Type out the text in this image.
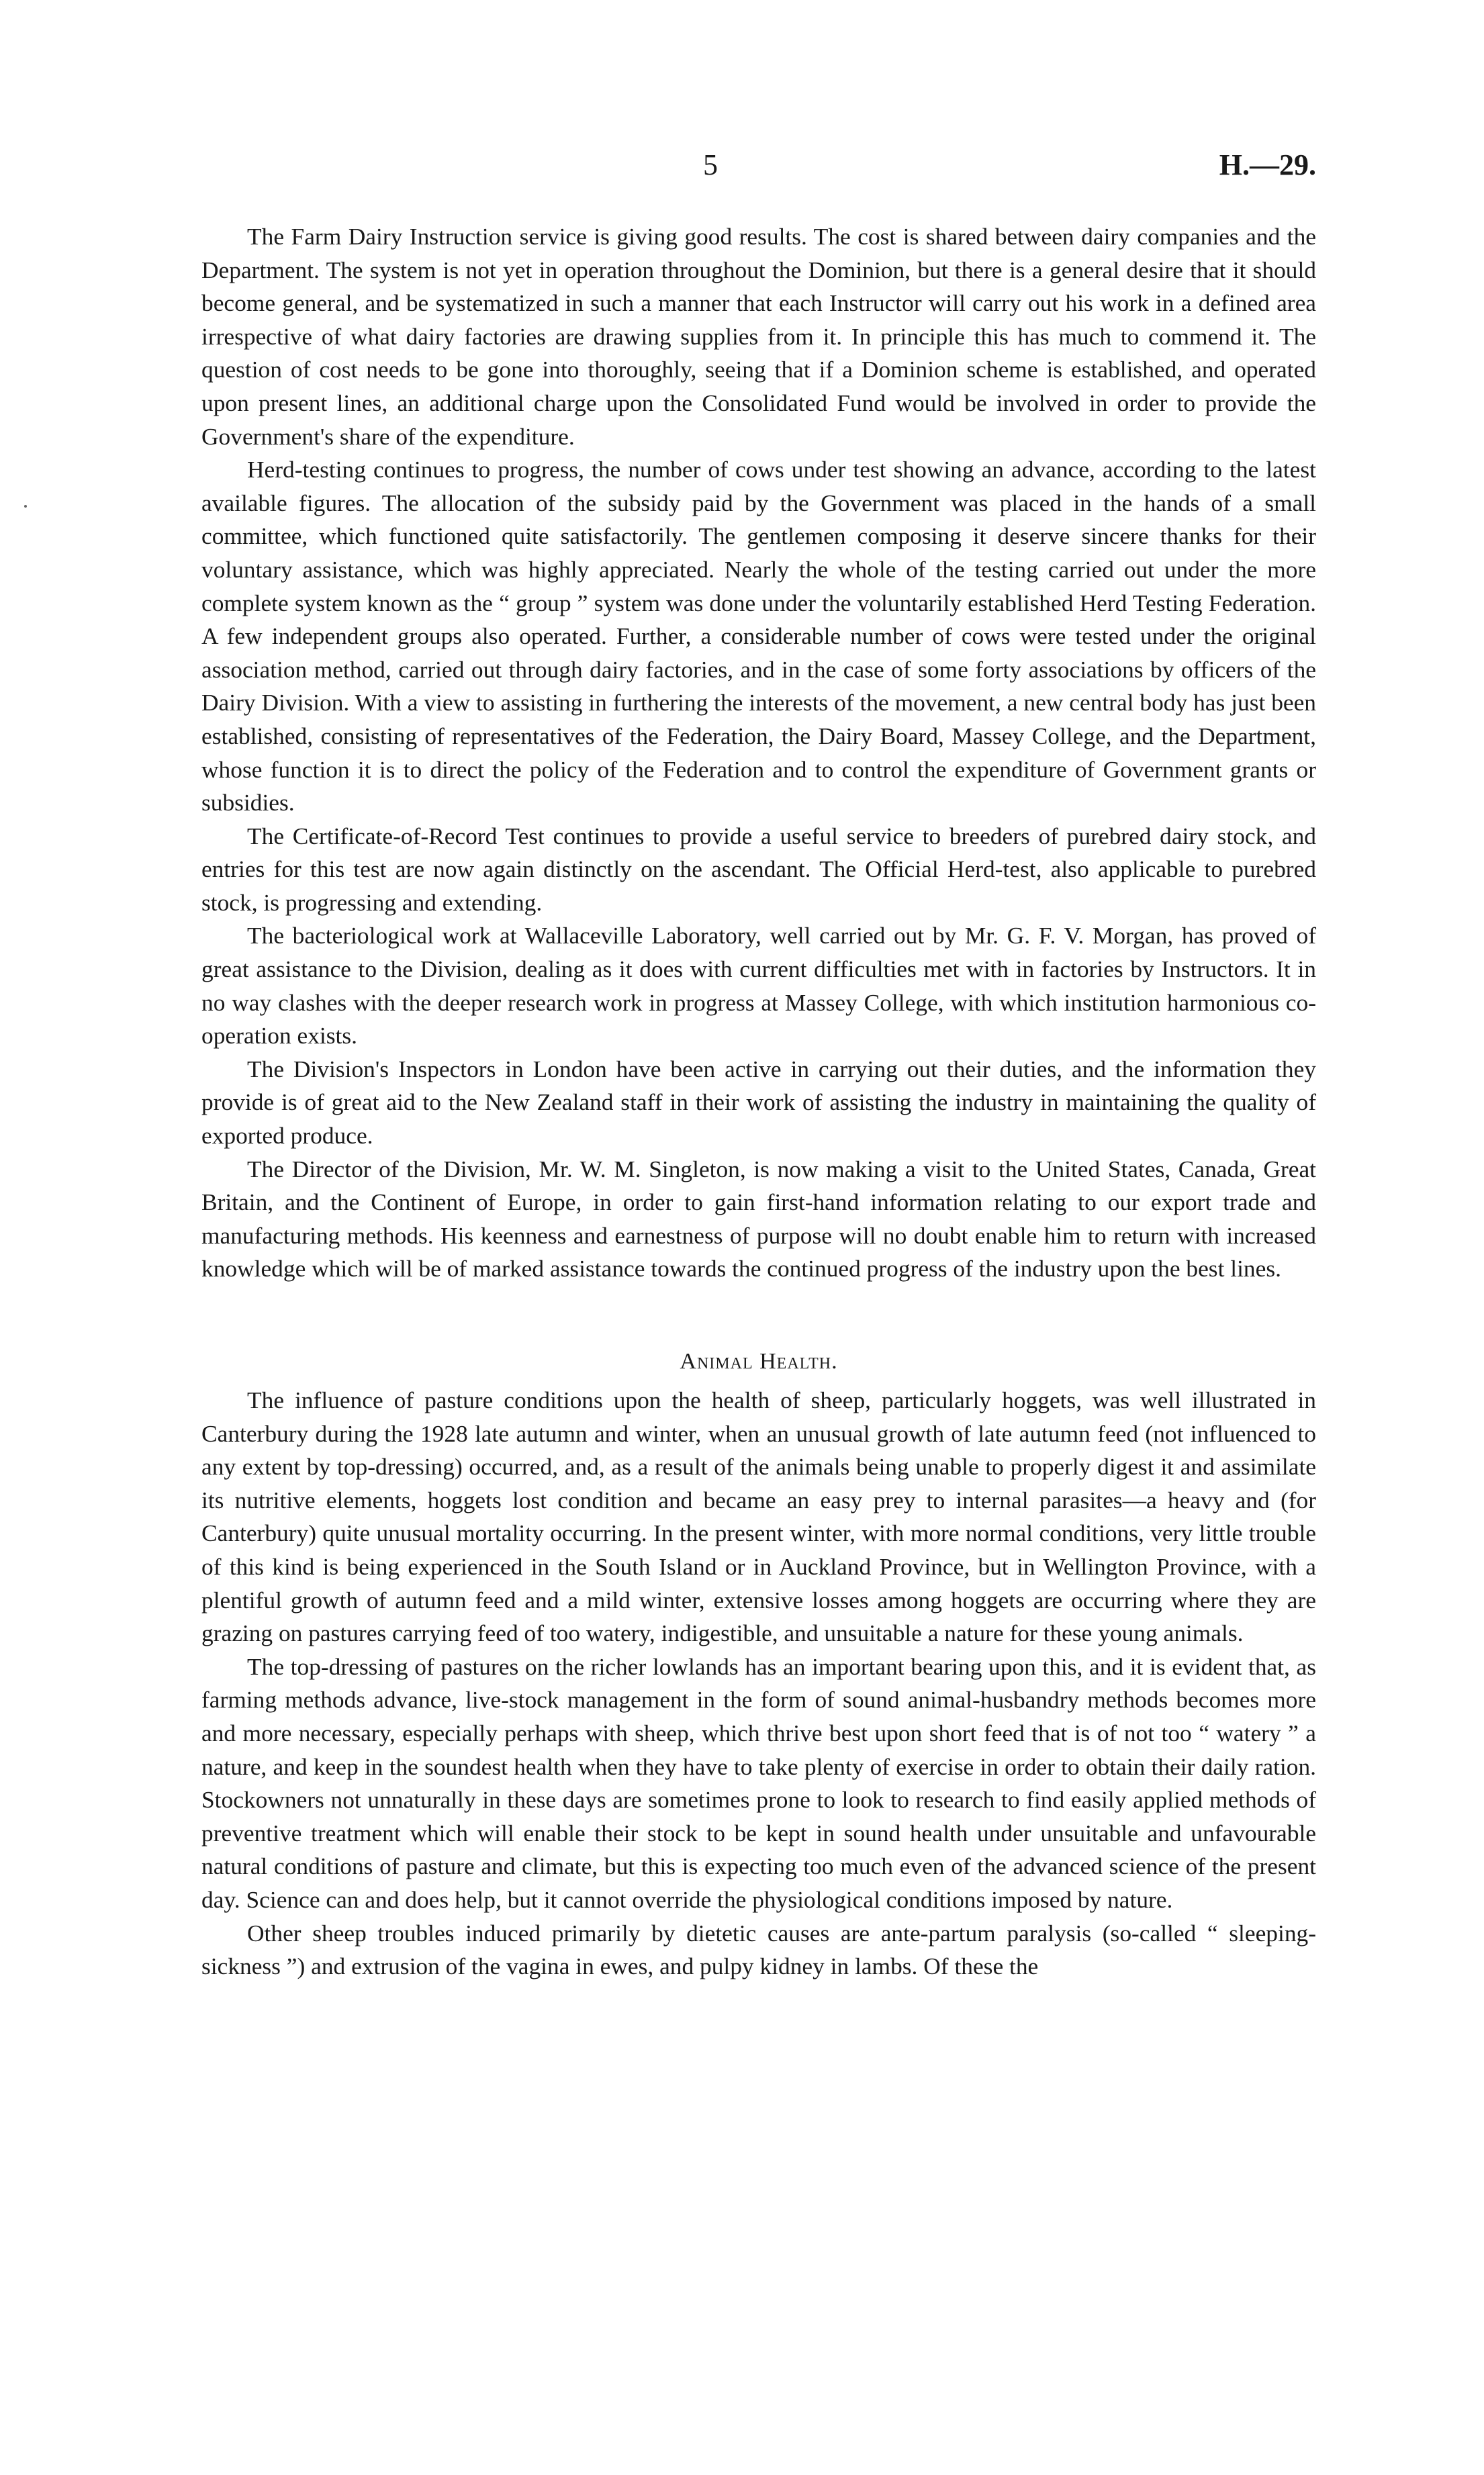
5	H.—29.

The Farm Dairy Instruction service is giving good results. The cost is shared between dairy companies and the Department. The system is not yet in operation throughout the Dominion, but there is a general desire that it should become general, and be systematized in such a manner that each Instructor will carry out his work in a defined area irrespective of what dairy factories are drawing supplies from it. In principle this has much to commend it. The question of cost needs to be gone into thoroughly, seeing that if a Dominion scheme is established, and operated upon present lines, an additional charge upon the Consolidated Fund would be involved in order to provide the Government's share of the expenditure.

Herd-testing continues to progress, the number of cows under test showing an advance, according to the latest available figures. The allocation of the subsidy paid by the Government was placed in the hands of a small committee, which functioned quite satisfactorily. The gentlemen composing it deserve sincere thanks for their voluntary assistance, which was highly appreciated. Nearly the whole of the testing carried out under the more complete system known as the “ group ” system was done under the voluntarily established Herd Testing Federation. A few independent groups also operated. Further, a considerable number of cows were tested under the original association method, carried out through dairy factories, and in the case of some forty associations by officers of the Dairy Division. With a view to assisting in furthering the interests of the movement, a new central body has just been established, consisting of representatives of the Federation, the Dairy Board, Massey College, and the Department, whose function it is to direct the policy of the Federation and to control the expenditure of Government grants or subsidies.

The Certificate-of-Record Test continues to provide a useful service to breeders of purebred dairy stock, and entries for this test are now again distinctly on the ascendant. The Official Herd-test, also applicable to purebred stock, is progressing and extending.

The bacteriological work at Wallaceville Laboratory, well carried out by Mr. G. F. V. Morgan, has proved of great assistance to the Division, dealing as it does with current difficulties met with in factories by Instructors. It in no way clashes with the deeper research work in progress at Massey College, with which institution harmonious co-operation exists.

The Division's Inspectors in London have been active in carrying out their duties, and the information they provide is of great aid to the New Zealand staff in their work of assisting the industry in maintaining the quality of exported produce.

The Director of the Division, Mr. W. M. Singleton, is now making a visit to the United States, Canada, Great Britain, and the Continent of Europe, in order to gain first-hand information relating to our export trade and manufacturing methods. His keenness and earnestness of purpose will no doubt enable him to return with increased knowledge which will be of marked assistance towards the continued progress of the industry upon the best lines.

Animal Health.

The influence of pasture conditions upon the health of sheep, particularly hoggets, was well illustrated in Canterbury during the 1928 late autumn and winter, when an unusual growth of late autumn feed (not influenced to any extent by top-dressing) occurred, and, as a result of the animals being unable to properly digest it and assimilate its nutritive elements, hoggets lost condition and became an easy prey to internal parasites—a heavy and (for Canterbury) quite unusual mortality occurring. In the present winter, with more normal conditions, very little trouble of this kind is being experienced in the South Island or in Auckland Province, but in Wellington Province, with a plentiful growth of autumn feed and a mild winter, extensive losses among hoggets are occurring where they are grazing on pastures carrying feed of too watery, indigestible, and unsuitable a nature for these young animals.

The top-dressing of pastures on the richer lowlands has an important bearing upon this, and it is evident that, as farming methods advance, live-stock management in the form of sound animal-husbandry methods becomes more and more necessary, especially perhaps with sheep, which thrive best upon short feed that is of not too “ watery ” a nature, and keep in the soundest health when they have to take plenty of exercise in order to obtain their daily ration. Stockowners not unnaturally in these days are sometimes prone to look to research to find easily applied methods of preventive treatment which will enable their stock to be kept in sound health under unsuitable and unfavourable natural conditions of pasture and climate, but this is expecting too much even of the advanced science of the present day. Science can and does help, but it cannot override the physiological conditions imposed by nature.

Other sheep troubles induced primarily by dietetic causes are ante-partum paralysis (so-called “ sleeping-sickness ”) and extrusion of the vagina in ewes, and pulpy kidney in lambs. Of these the
